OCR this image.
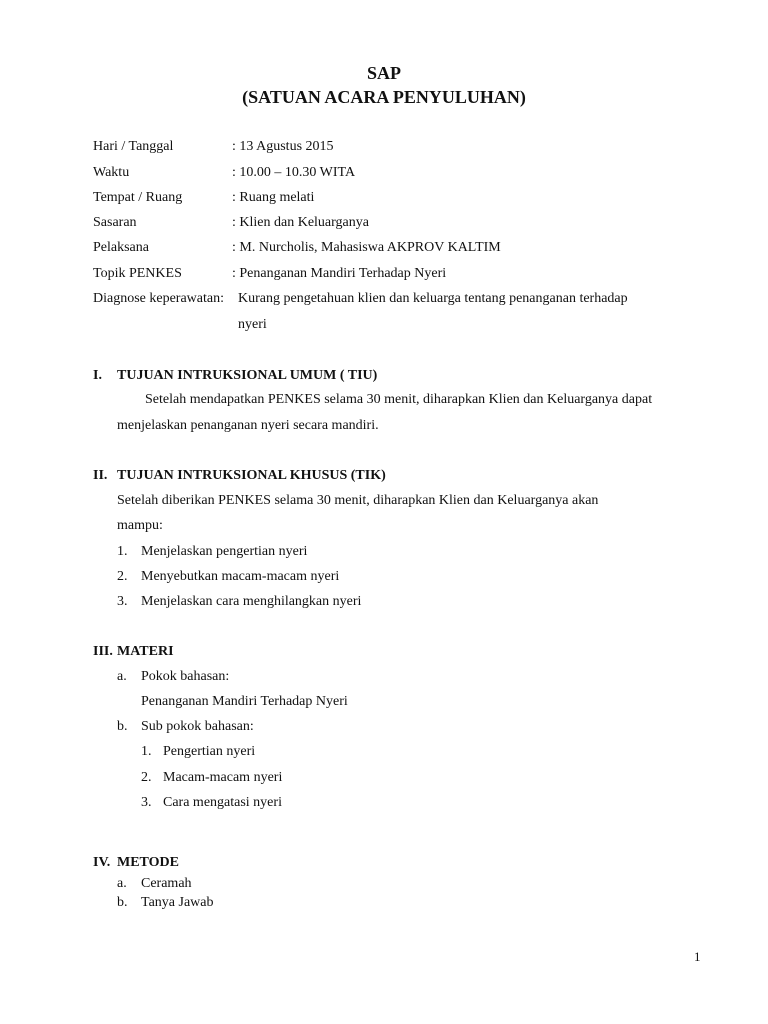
SAP
(SATUAN ACARA PENYULUHAN)
Hari / Tanggal	: 13 Agustus 2015
Waktu	: 10.00 – 10.30 WITA
Tempat / Ruang	: Ruang melati
Sasaran	: Klien dan Keluarganya
Pelaksana	: M. Nurcholis, Mahasiswa AKPROV KALTIM
Topik PENKES	: Penanganan Mandiri Terhadap Nyeri
Diagnose keperawatan: Kurang pengetahuan klien dan keluarga tentang penanganan terhadap
nyeri
I. TUJUAN INTRUKSIONAL UMUM ( TIU)
Setelah mendapatkan PENKES selama 30 menit, diharapkan Klien dan Keluarganya dapat
menjelaskan penanganan nyeri secara mandiri.
II. TUJUAN INTRUKSIONAL KHUSUS (TIK)
Setelah diberikan PENKES selama 30 menit, diharapkan Klien dan Keluarganya akan
mampu:
1. Menjelaskan pengertian nyeri
2. Menyebutkan macam-macam nyeri
3. Menjelaskan cara menghilangkan nyeri
III. MATERI
a. Pokok bahasan:
Penanganan Mandiri Terhadap Nyeri
b. Sub pokok bahasan:
1. Pengertian nyeri
2. Macam-macam nyeri
3. Cara mengatasi nyeri
IV. METODE
a. Ceramah
b. Tanya Jawab
1
